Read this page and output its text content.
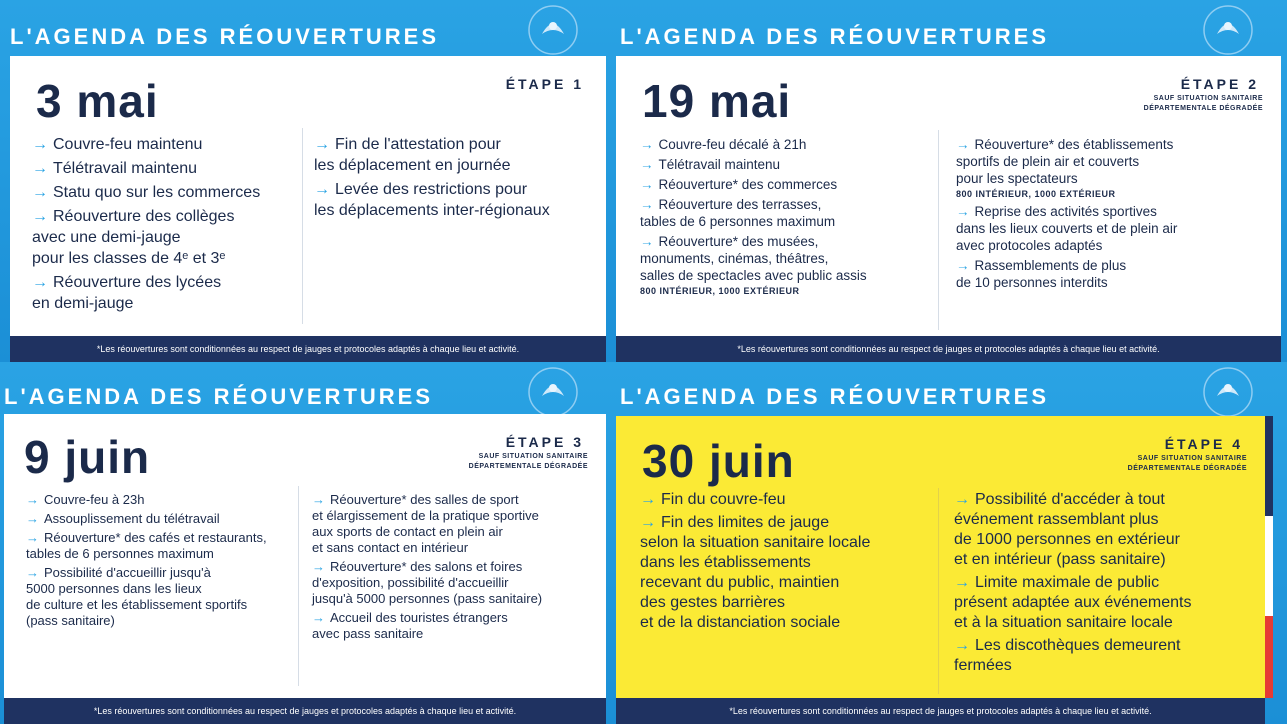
L'AGENDA DES RÉOUVERTURES
3 mai	ÉTAPE 1
→ Couvre-feu maintenu
→ Télétravail maintenu
→ Statu quo sur les commerces
→ Réouverture des collèges
avec une demi-jauge
pour les classes de 4ᵉ et 3ᵉ
→ Réouverture des lycées
en demi-jauge
→ Fin de l'attestation pour
les déplacement en journée
→ Levée des restrictions pour
les déplacements inter-régionaux
*Les réouvertures sont conditionnées au respect de jauges et protocoles adaptés à chaque lieu et activité.
L'AGENDA DES RÉOUVERTURES
19 mai	ÉTAPE 2
SAUF SITUATION SANITAIRE
DÉPARTEMENTALE DÉGRADÉE
→ Couvre-feu décalé à 21h
→ Télétravail maintenu
→ Réouverture* des commerces
→ Réouverture des terrasses,
tables de 6 personnes maximum
→ Réouverture* des musées,
monuments, cinémas, théâtres,
salles de spectacles avec public assis
800 INTÉRIEUR, 1000 EXTÉRIEUR
→ Réouverture* des établissements
sportifs de plein air et couverts
pour les spectateurs
800 INTÉRIEUR, 1000 EXTÉRIEUR
→ Reprise des activités sportives
dans les lieux couverts et de plein air
avec protocoles adaptés
→ Rassemblements de plus
de 10 personnes interdits
*Les réouvertures sont conditionnées au respect de jauges et protocoles adaptés à chaque lieu et activité.
L'AGENDA DES RÉOUVERTURES
9 juin	ÉTAPE 3
SAUF SITUATION SANITAIRE
DÉPARTEMENTALE DÉGRADÉE
→ Couvre-feu à 23h
→ Assouplissement du télétravail
→ Réouverture* des cafés et restaurants,
tables de 6 personnes maximum
→ Possibilité d'accueillir jusqu'à
5000 personnes dans les lieux
de culture et les établissement sportifs
(pass sanitaire)
→ Réouverture* des salles de sport
et élargissement de la pratique sportive
aux sports de contact en plein air
et sans contact en intérieur
→ Réouverture* des salons et foires
d'exposition, possibilité d'accueillir
jusqu'à 5000 personnes (pass sanitaire)
→ Accueil des touristes étrangers
avec pass sanitaire
*Les réouvertures sont conditionnées au respect de jauges et protocoles adaptés à chaque lieu et activité.
L'AGENDA DES RÉOUVERTURES
30 juin	ÉTAPE 4
SAUF SITUATION SANITAIRE
DÉPARTEMENTALE DÉGRADÉE
→ Fin du couvre-feu
→ Fin des limites de jauge
selon la situation sanitaire locale
dans les établissements
recevant du public, maintien
des gestes barrières
et de la distanciation sociale
→ Possibilité d'accéder à tout
événement rassemblant plus
de 1000 personnes en extérieur
et en intérieur (pass sanitaire)
→ Limite maximale de public
présent adaptée aux événements
et à la situation sanitaire locale
→ Les discothèques demeurent
fermées
*Les réouvertures sont conditionnées au respect de jauges et protocoles adaptés à chaque lieu et activité.
